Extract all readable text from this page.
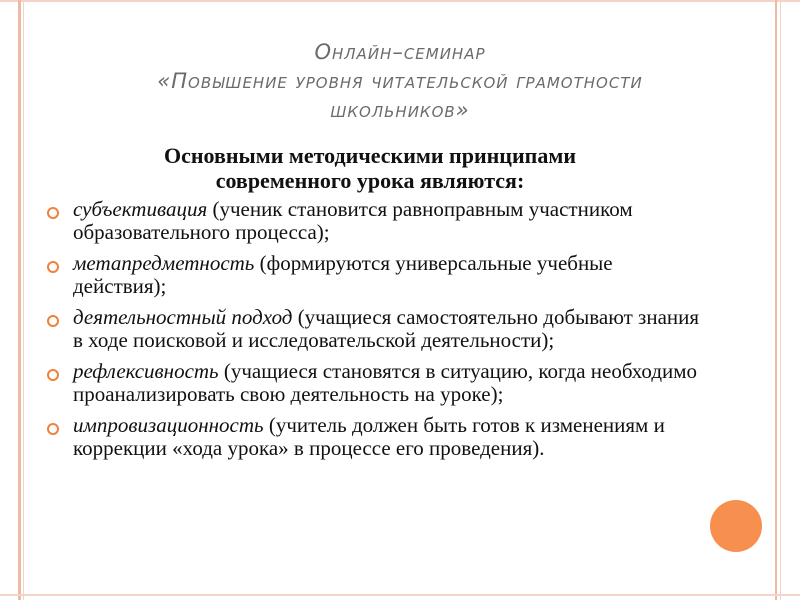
Онлайн–семинар
«Повышение уровня читательской грамотности
школьников»
Основными методическими принципами
современного урока являются:
субъективация (ученик становится равноправным участником образовательного процесса);
метапредметность (формируются универсальные учебные действия);
деятельностный подход (учащиеся самостоятельно добывают знания в ходе поисковой и исследовательской деятельности);
рефлексивность (учащиеся становятся в ситуацию, когда необходимо проанализировать свою деятельность на уроке);
импровизационность (учитель должен быть готов к изменениям и коррекции «хода урока» в процессе его проведения).
